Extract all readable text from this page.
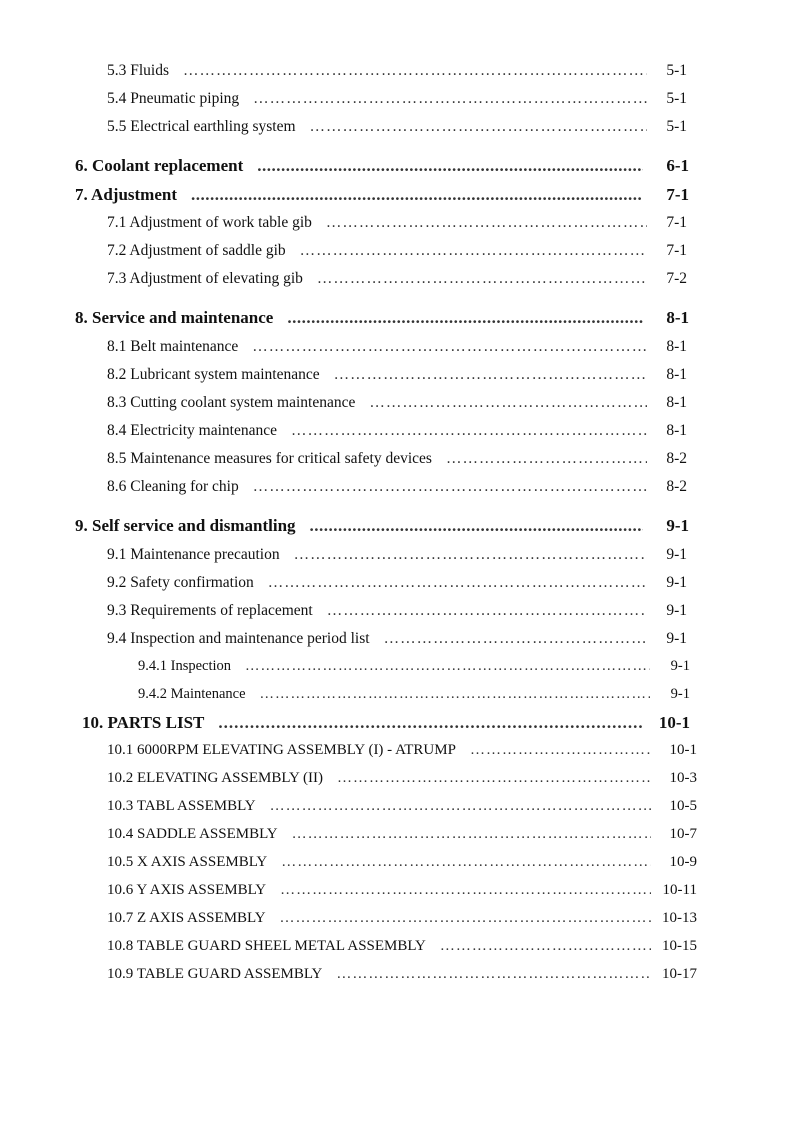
5.3 Fluids ……………………………………………………………………………………………………………………………………………………………………	5-1
5.4 Pneumatic piping ……………………………………………………………………………………………………………………………………………………………………	5-1
5.5 Electrical earthling system ……………………………………………………………………………………………………………………………………………………………………	5-1
6. Coolant replacement .....	6-1
7. Adjustment .....	7-1
7.1 Adjustment of work table gib ……………………………………………………………………………………………………………………………………………………………………	7-1
7.2 Adjustment of saddle gib ……………………………………………………………………………………………………………………………………………………………………	7-1
7.3 Adjustment of elevating gib ……………………………………………………………………………………………………………………………………………………………………	7-2
8. Service and maintenance .....	8-1
8.1 Belt maintenance ……………………………………………………………………………………………………………………………………………………………………	8-1
8.2 Lubricant system maintenance ……………………………………………………………………………………………………………………………………………………………………	8-1
8.3 Cutting coolant system maintenance ……………………………………………………………………………………………………………………………………………………………………	8-1
8.4 Electricity maintenance ……………………………………………………………………………………………………………………………………………………………………	8-1
8.5 Maintenance measures for critical safety devices ……………………………………………………………………………………………………………………………………………………………………	8-2
8.6 Cleaning for chip ……………………………………………………………………………………………………………………………………………………………………	8-2
9. Self service and dismantling .....	9-1
9.1 Maintenance precaution ……………………………………………………………………………………………………………………………………………………………………	9-1
9.2 Safety confirmation ……………………………………………………………………………………………………………………………………………………………………	9-1
9.3 Requirements of replacement ……………………………………………………………………………………………………………………………………………………………………	9-1
9.4 Inspection and maintenance period list ……………………………………………………………………………………………………………………………………………………………………	9-1
9.4.1 Inspection ……………………………………………………………………………………………………………………………………………………………………	9-1
9.4.2 Maintenance ……………………………………………………………………………………………………………………………………………………………………	9-1
10. PARTS LIST .....	10-1
10.1 6000RPM ELEVATING ASSEMBLY (I) - ATRUMP ……………………………………………………………………………………………………………………………………………………………………	10-1
10.2 ELEVATING ASSEMBLY (II) ……………………………………………………………………………………………………………………………………………………………………	10-3
10.3 TABL ASSEMBLY ……………………………………………………………………………………………………………………………………………………………………	10-5
10.4 SADDLE ASSEMBLY ……………………………………………………………………………………………………………………………………………………………………	10-7
10.5 X AXIS ASSEMBLY ……………………………………………………………………………………………………………………………………………………………………	10-9
10.6 Y AXIS ASSEMBLY ……………………………………………………………………………………………………………………………………………………………………	10-11
10.7 Z AXIS ASSEMBLY ……………………………………………………………………………………………………………………………………………………………………	10-13
10.8 TABLE GUARD SHEEL METAL ASSEMBLY ……………………………………………………………………………………………………………………………………………………………………	10-15
10.9 TABLE GUARD ASSEMBLY ……………………………………………………………………………………………………………………………………………………………………	10-17
